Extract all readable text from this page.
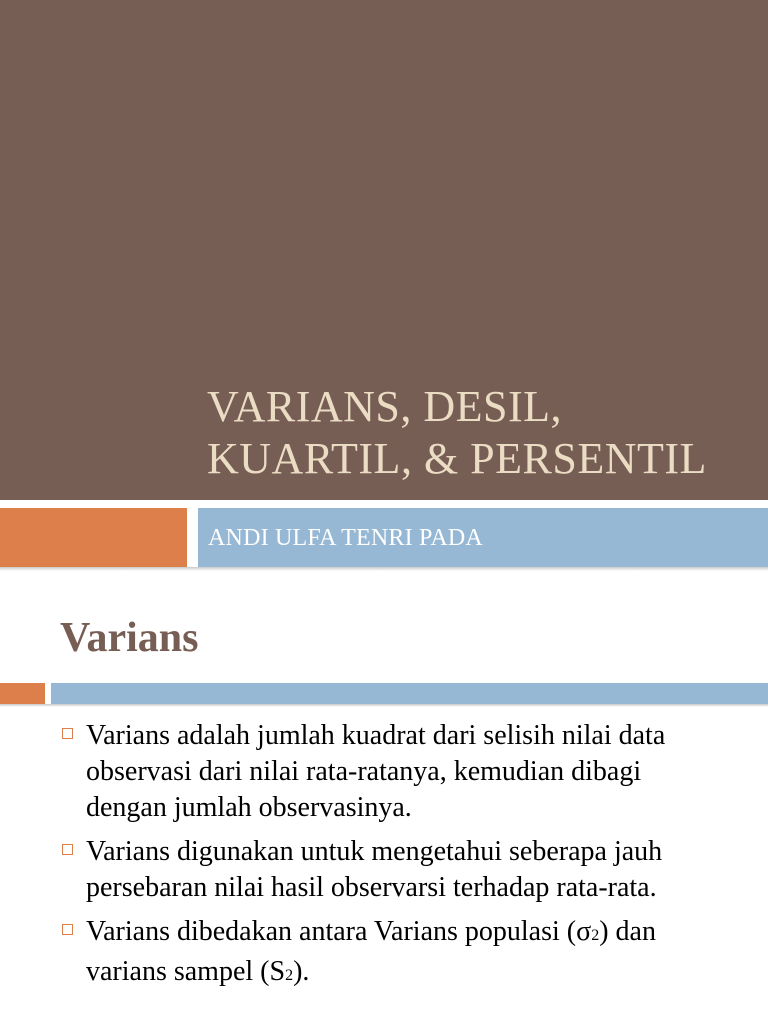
VARIANS, DESIL,
KUARTIL, & PERSENTIL
ANDI ULFA TENRI PADA
Varians
Varians adalah jumlah kuadrat dari selisih nilai data
observasi dari nilai rata-ratanya, kemudian dibagi
dengan jumlah observasinya.
Varians digunakan untuk mengetahui seberapa jauh
persebaran nilai hasil observarsi terhadap rata-rata.
Varians dibedakan antara Varians populasi (σ2) dan
varians sampel (S2).
